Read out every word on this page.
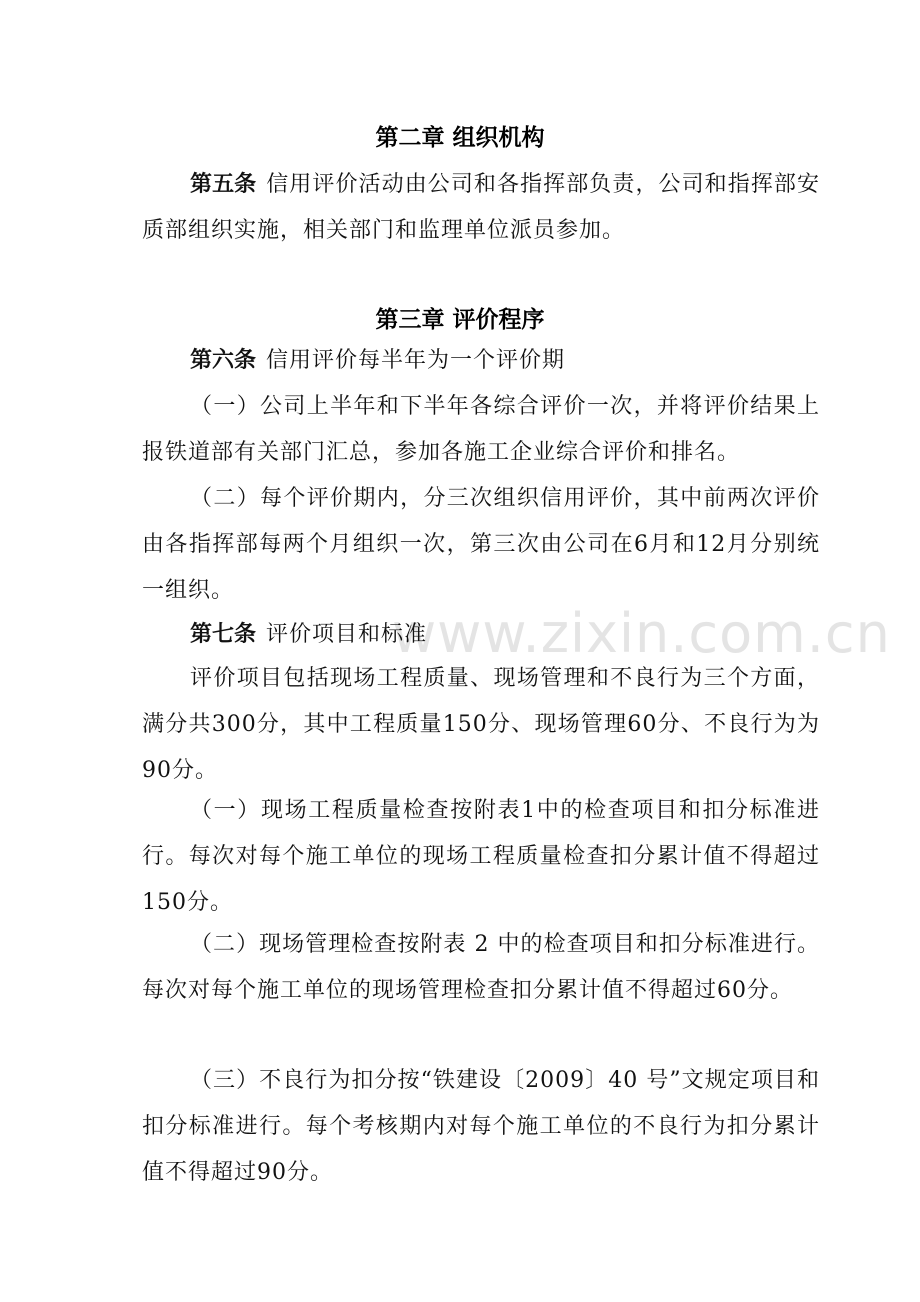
www.zixin.com.cn
第二章 组织机构
第五条 信用评价活动由公司和各指挥部负责，公司和指挥部安质部组织实施，相关部门和监理单位派员参加。
第三章 评价程序
第六条 信用评价每半年为一个评价期
（一）公司上半年和下半年各综合评价一次，并将评价结果上报铁道部有关部门汇总，参加各施工企业综合评价和排名。
（二）每个评价期内，分三次组织信用评价，其中前两次评价由各指挥部每两个月组织一次，第三次由公司在6月和12月分别统一组织。
第七条 评价项目和标准
评价项目包括现场工程质量、现场管理和不良行为三个方面，满分共300分，其中工程质量150分、现场管理60分、不良行为为90分。
（一）现场工程质量检查按附表1中的检查项目和扣分标准进行。每次对每个施工单位的现场工程质量检查扣分累计值不得超过150分。
（二）现场管理检查按附表 2 中的检查项目和扣分标准进行。每次对每个施工单位的现场管理检查扣分累计值不得超过60分。
（三）不良行为扣分按“铁建设〔2009〕40 号”文规定项目和扣分标准进行。每个考核期内对每个施工单位的不良行为扣分累计值不得超过90分。
